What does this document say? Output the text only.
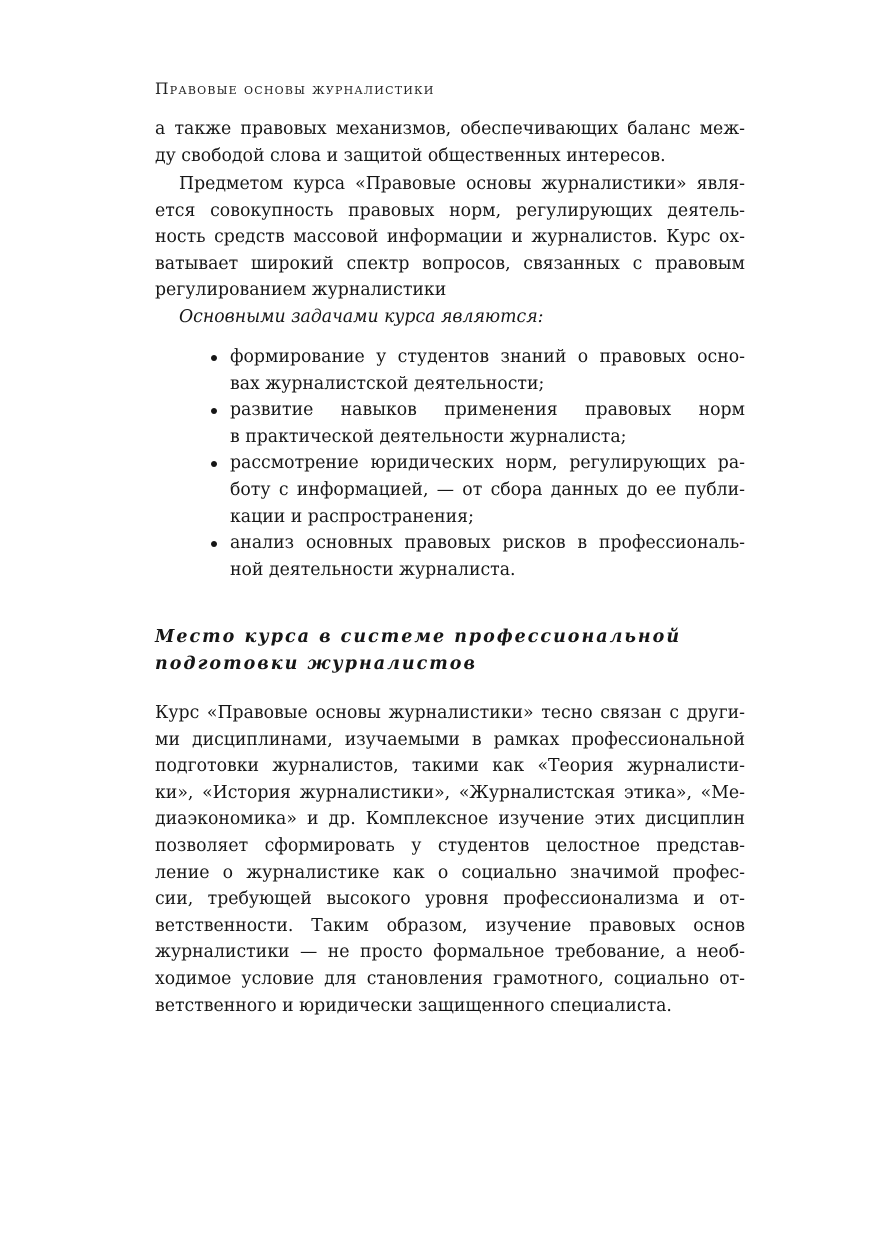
Правовые основы журналистики
а также правовых механизмов, обеспечивающих баланс меж-
ду свободой слова и защитой общественных интересов.
Предметом курса «Правовые основы журналистики» явля-
ется совокупность правовых норм, регулирующих деятель-
ность средств массовой информации и журналистов. Курс ох-
ватывает широкий спектр вопросов, связанных с правовым
регулированием журналистики
Основными задачами курса являются:
формирование у студентов знаний о правовых осно-
вах журналистской деятельности;
развитие навыков применения правовых норм
в практической деятельности журналиста;
рассмотрение юридических норм, регулирующих ра-
боту с информацией, — от сбора данных до ее публи-
кации и распространения;
анализ основных правовых рисков в профессиональ-
ной деятельности журналиста.
Место курса в системе профессиональной
подготовки журналистов
Курс «Правовые основы журналистики» тесно связан с други-
ми дисциплинами, изучаемыми в рамках профессиональной
подготовки журналистов, такими как «Теория журналисти-
ки», «История журналистики», «Журналистская этика», «Ме-
диаэкономика» и др. Комплексное изучение этих дисциплин
позволяет сформировать у студентов целостное представ-
ление о журналистике как о социально значимой профес-
сии, требующей высокого уровня профессионализма и от-
ветственности. Таким образом, изучение правовых основ
журналистики — не просто формальное требование, а необ-
ходимое условие для становления грамотного, социально от-
ветственного и юридически защищенного специалиста.
